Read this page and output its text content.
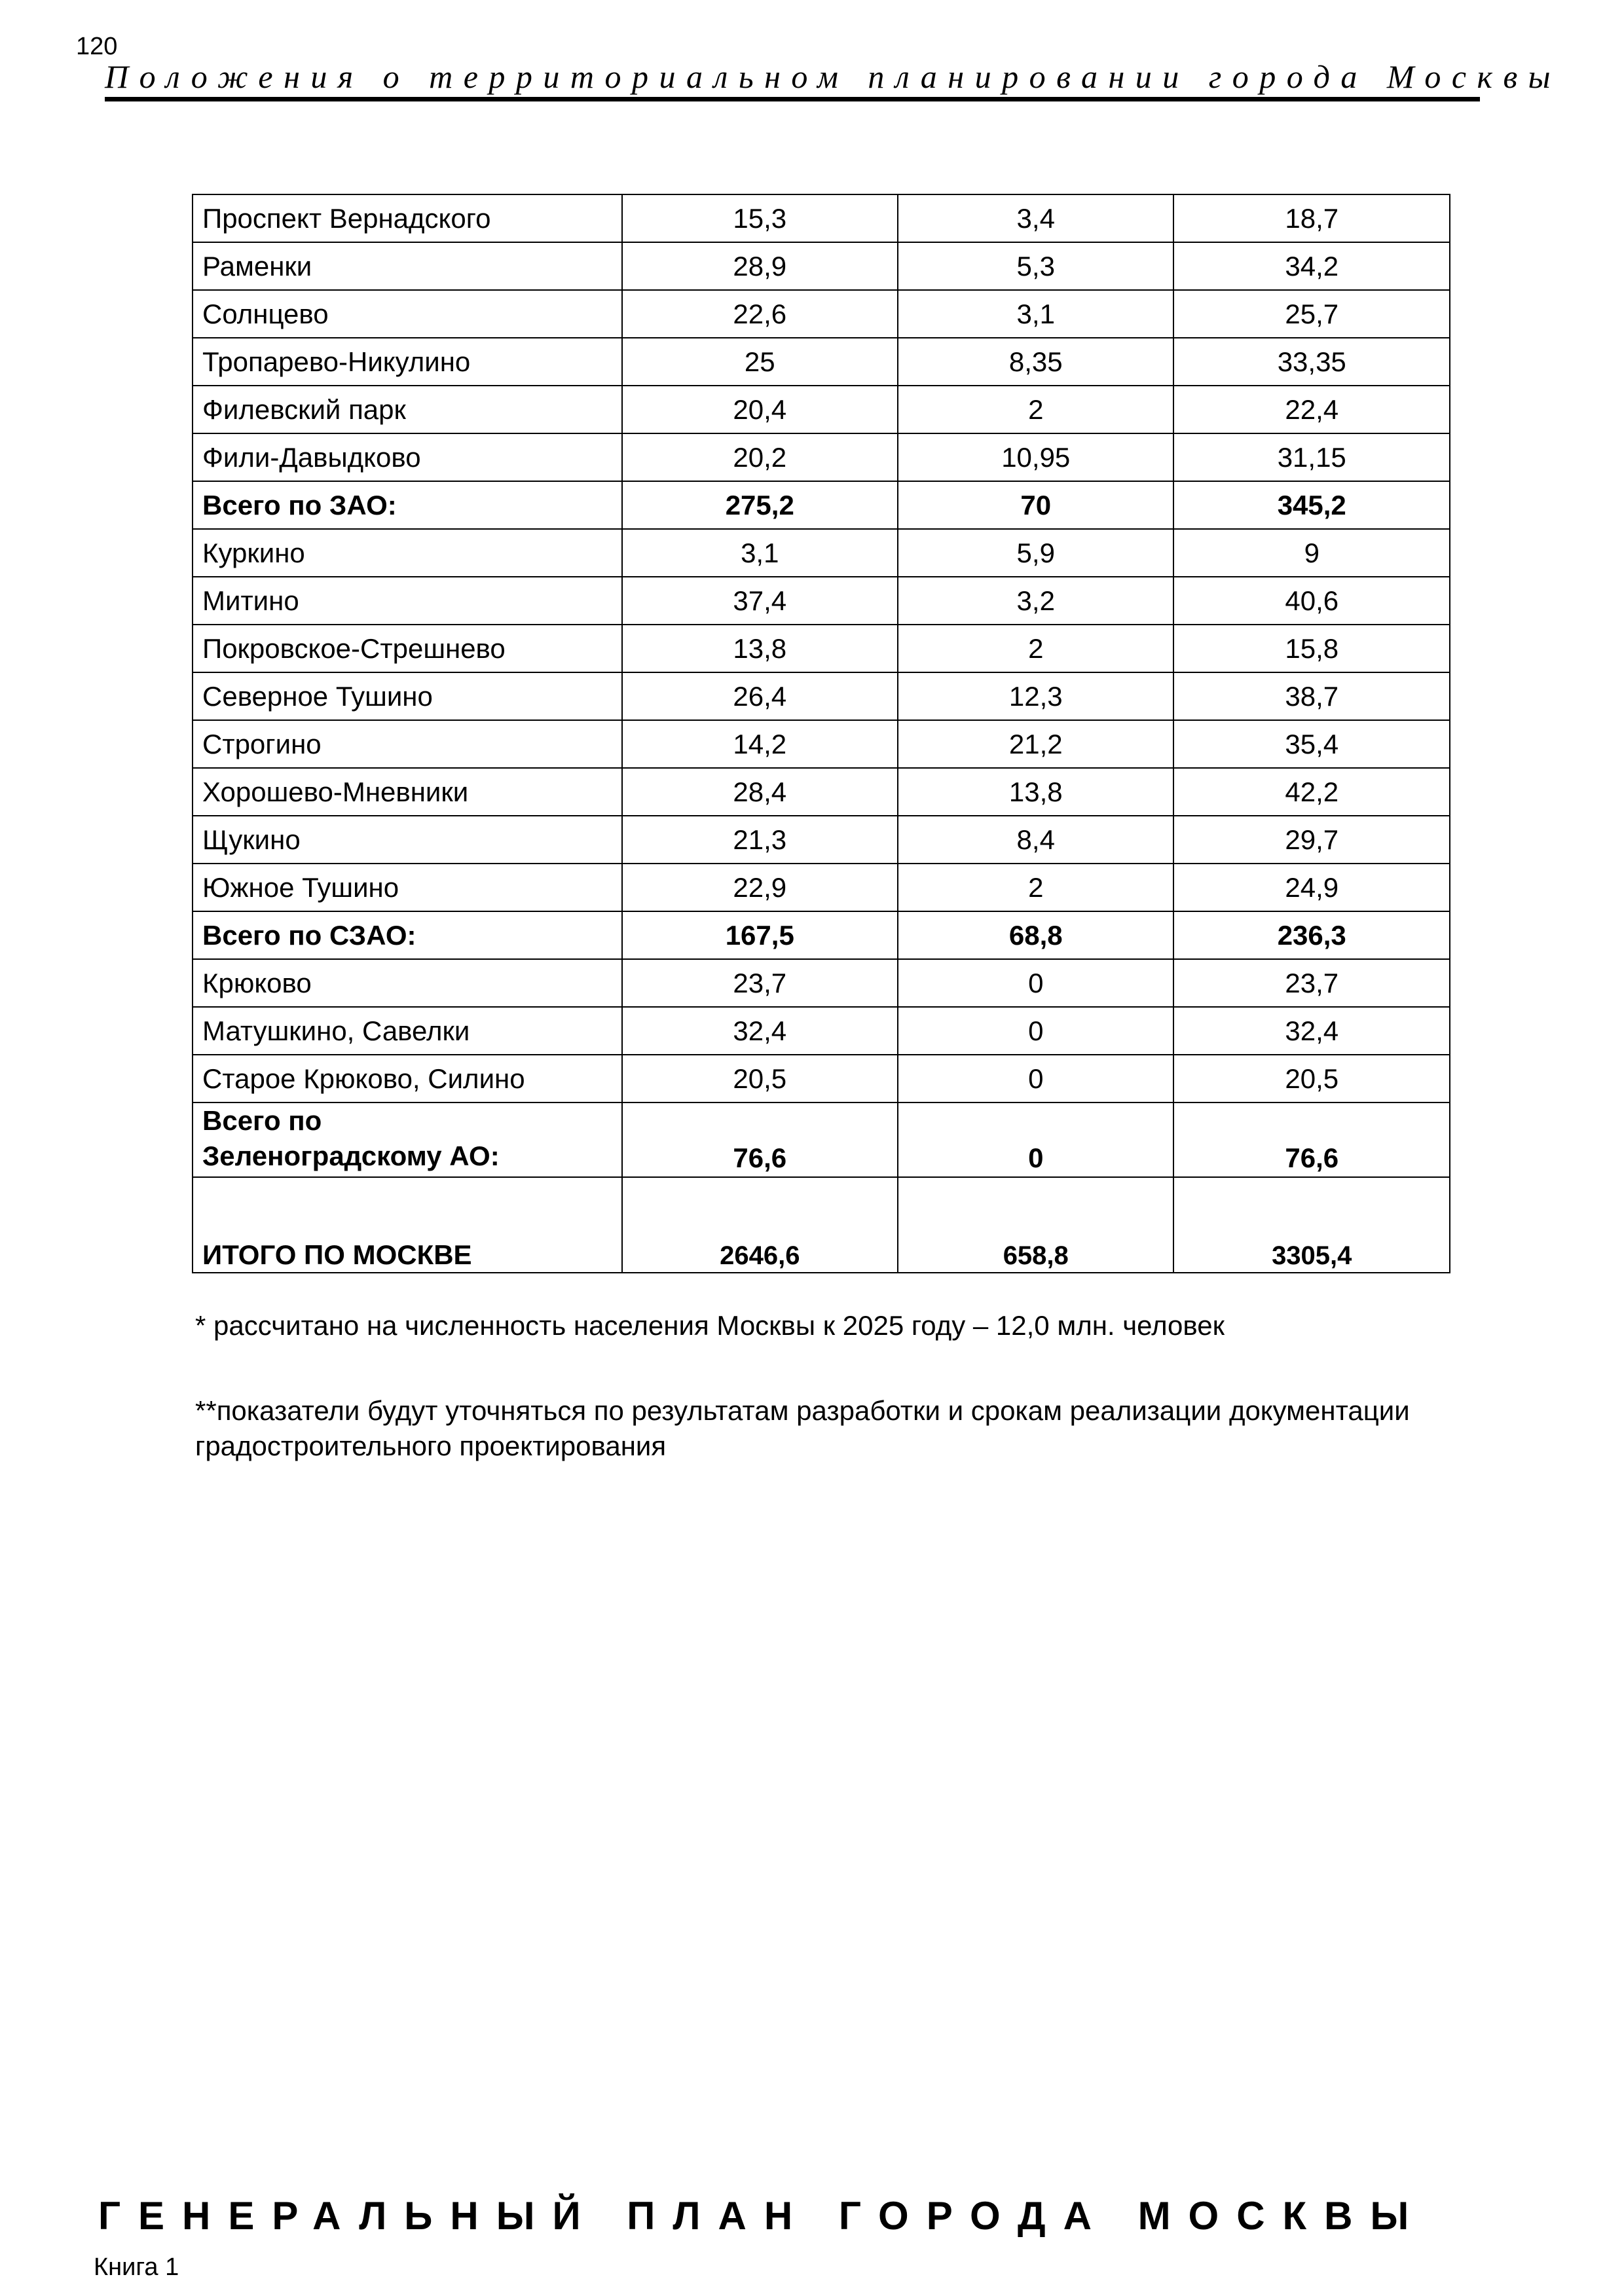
120
Положения о территориальном планировании города Москвы
Проспект Вернадского	15,3	3,4	18,7
Раменки	28,9	5,3	34,2
Солнцево	22,6	3,1	25,7
Тропарево-Никулино	25	8,35	33,35
Филевский парк	20,4	2	22,4
Фили-Давыдково	20,2	10,95	31,15
Всего по ЗАО:	275,2	70	345,2
Куркино	3,1	5,9	9
Митино	37,4	3,2	40,6
Покровское-Стрешнево	13,8	2	15,8
Северное Тушино	26,4	12,3	38,7
Строгино	14,2	21,2	35,4
Хорошево-Мневники	28,4	13,8	42,2
Щукино	21,3	8,4	29,7
Южное Тушино	22,9	2	24,9
Всего по СЗАО:	167,5	68,8	236,3
Крюково	23,7	0	23,7
Матушкино, Савелки	32,4	0	32,4
Старое Крюково, Силино	20,5	0	20,5

Всего по
Зеленоградскому АО:	76,6	0	76,6
ИТОГО ПО МОСКВЕ	2646,6	658,8	3305,4
* рассчитано на численность населения Москвы к 2025 году – 12,0 млн. человек
**показатели будут уточняться по результатам разработки и срокам реализации документации градостроительного проектирования
ГЕНЕРАЛЬНЫЙ ПЛАН ГОРОДА МОСКВЫ
Книга 1
